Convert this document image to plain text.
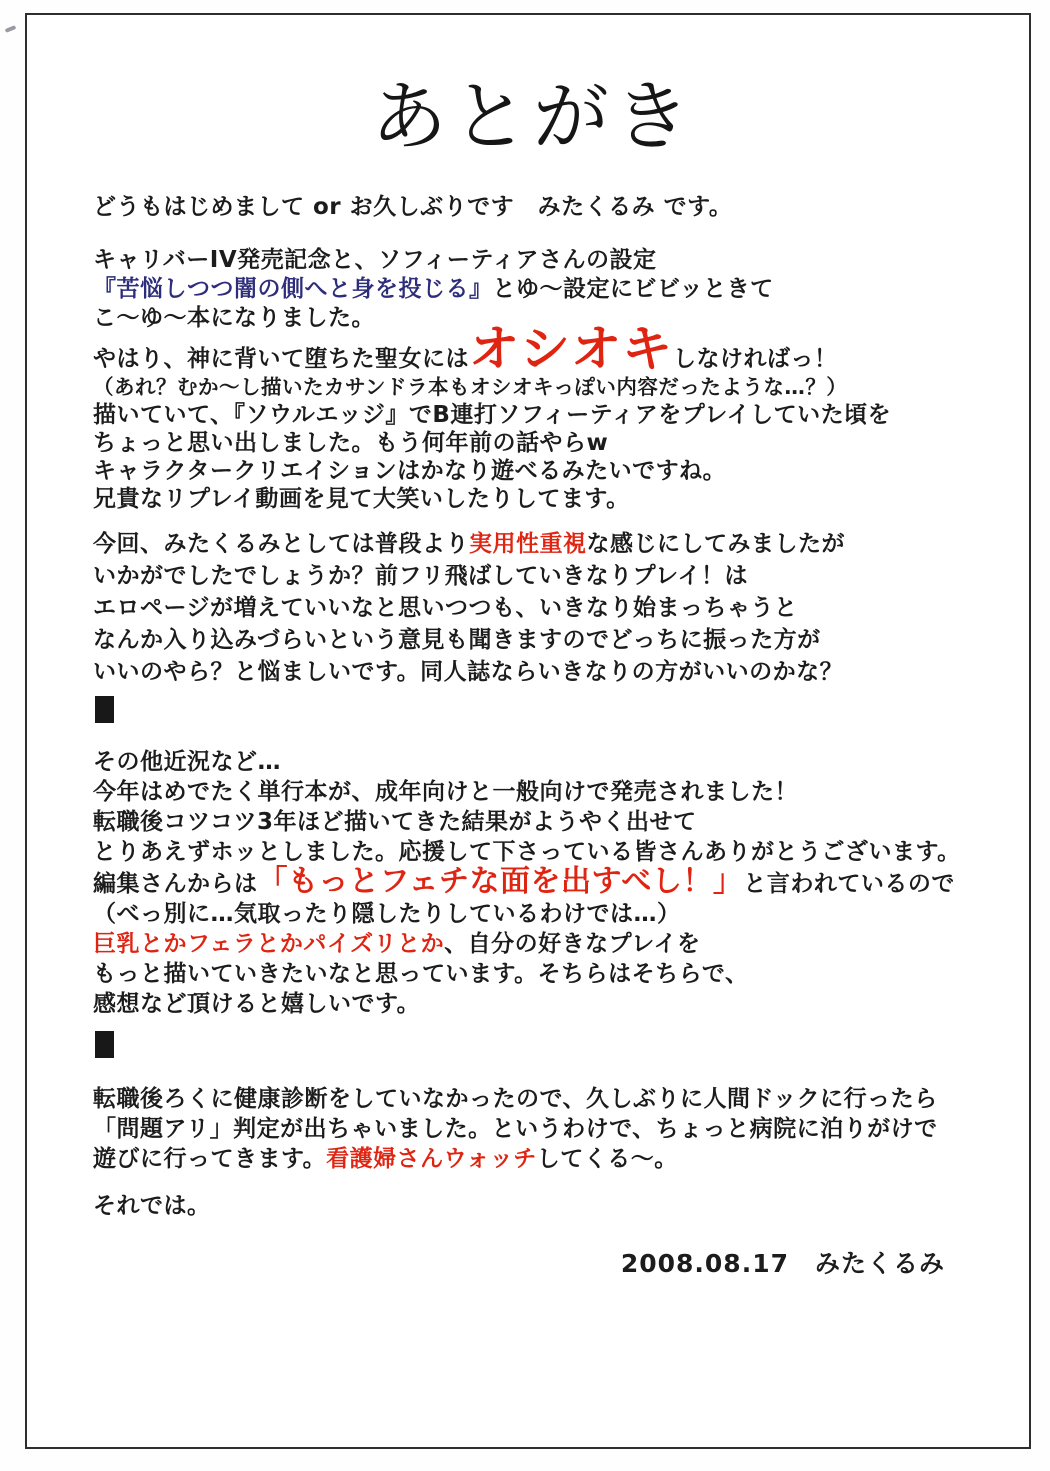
あとがき

どうもはじめまして or お久しぶりです　みたくるみ です。

キャリバーIV発売記念と、ソフィーティアさんの設定
『苦悩しつつ闇の側へと身を投じる』とゆ〜設定にビビッときて
こ〜ゆ〜本になりました。
やはり、神に背いて堕ちた聖女にはオシオキしなければっ！
（あれ？むか〜し描いたカサンドラ本もオシオキっぽい内容だったような…？）
描いていて、『ソウルエッジ』でB連打ソフィーティアをプレイしていた頃を
ちょっと思い出しました。もう何年前の話やらw
キャラクタークリエイションはかなり遊べるみたいですね。
兄貴なリプレイ動画を見て大笑いしたりしてます。
今回、みたくるみとしては普段より実用性重視な感じにしてみましたが
いかがでしたでしょうか？前フリ飛ばしていきなりプレイ！は
エロページが増えていいなと思いつつも、いきなり始まっちゃうと
なんか入り込みづらいという意見も聞きますのでどっちに振った方が
いいのやら？と悩ましいです。同人誌ならいきなりの方がいいのかな？
その他近況など…
今年はめでたく単行本が、成年向けと一般向けで発売されました！
転職後コツコツ3年ほど描いてきた結果がようやく出せて
とりあえずホッとしました。応援して下さっている皆さんありがとうございます。
編集さんからは「もっとフェチな面を出すべし！」と言われているので
（べっ別に…気取ったり隠したりしているわけでは…）
巨乳とかフェラとかパイズリとか、自分の好きなプレイを
もっと描いていきたいなと思っています。そちらはそちらで、
感想など頂けると嬉しいです。
転職後ろくに健康診断をしていなかったので、久しぶりに人間ドックに行ったら
「問題アリ」判定が出ちゃいました。というわけで、ちょっと病院に泊りがけで
遊びに行ってきます。看護婦さんウォッチしてくる〜。

それでは。

2008.08.17 みたくるみ
